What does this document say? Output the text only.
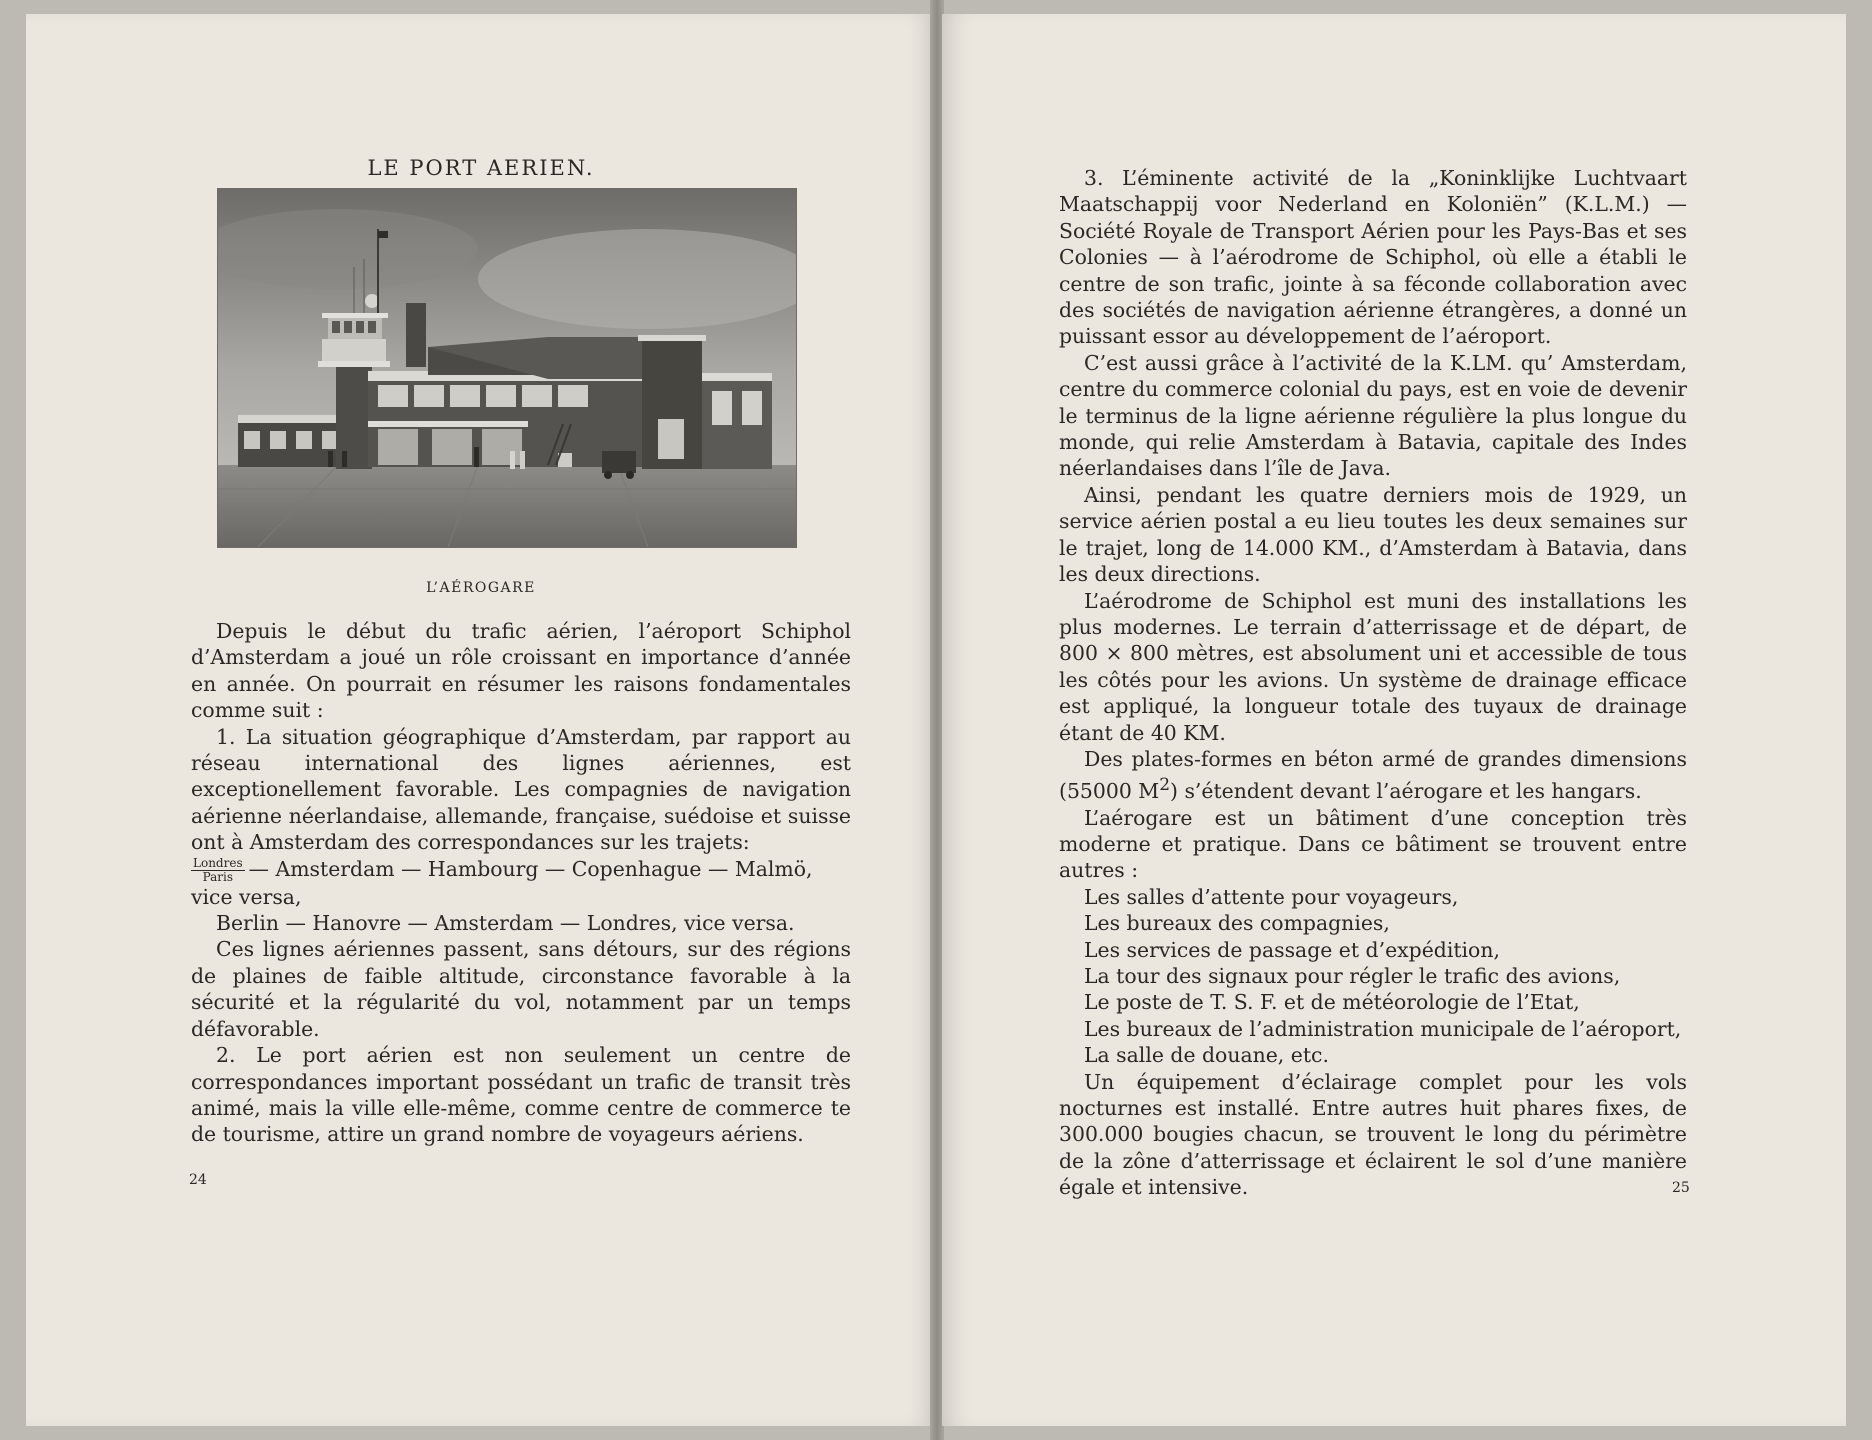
LE PORT AERIEN.
L’AÉROGARE

Depuis le début du trafic aérien, l’aéroport Schiphol d’Amsterdam a joué un rôle croissant en importance d’année en année. On pourrait en résumer les raisons fondamentales comme suit :

1. La situation géographique d’Amsterdam, par rapport au réseau international des lignes aériennes, est exceptionellement favorable. Les compagnies de navigation aérienne néerlandaise, allemande, française, suédoise et suisse ont à Amsterdam des correspondances sur les trajets:

$\frac{\text{Londres}}{\text{Paris}}$ — Amsterdam — Hambourg — Copenhague — Malmö,

vice versa,

Berlin — Hanovre — Amsterdam — Londres, vice versa.

Ces lignes aériennes passent, sans détours, sur des régions de plaines de faible altitude, circonstance favorable à la sécurité et la régularité du vol, notamment par un temps défavorable.

2. Le port aérien est non seulement un centre de correspondances important possédant un trafic de transit très animé, mais la ville elle-même, comme centre de commerce te de tourisme, attire un grand nombre de voyageurs aériens.

24

3. L’éminente activité de la „Koninklijke Luchtvaart Maatschappij voor Nederland en Koloniën” (K.L.M.) — Société Royale de Transport Aérien pour les Pays-Bas et ses Colonies — à l’aérodrome de Schiphol, où elle a établi le centre de son trafic, jointe à sa féconde collaboration avec des sociétés de navigation aérienne étrangères, a donné un puissant essor au développement de l’aéroport.

C’est aussi grâce à l’activité de la K.LM. qu’ Amsterdam, centre du commerce colonial du pays, est en voie de devenir le terminus de la ligne aérienne régulière la plus longue du monde, qui relie Amsterdam à Batavia, capitale des Indes néerlandaises dans l’île de Java.

Ainsi, pendant les quatre derniers mois de 1929, un service aérien postal a eu lieu toutes les deux semaines sur le trajet, long de 14.000 KM., d’Amsterdam à Batavia, dans les deux directions.

L’aérodrome de Schiphol est muni des installations les plus modernes. Le terrain d’atterrissage et de départ, de 800 × 800 mètres, est absolument uni et accessible de tous les côtés pour les avions. Un système de drainage efficace est appliqué, la longueur totale des tuyaux de drainage étant de 40 KM.

Des plates-formes en béton armé de grandes dimensions (55000 $M^2$) s’étendent devant l’aérogare et les hangars.

L’aérogare est un bâtiment d’une conception très moderne et pratique. Dans ce bâtiment se trouvent entre autres :

Les salles d’attente pour voyageurs,

Les bureaux des compagnies,

Les services de passage et d’expédition,

La tour des signaux pour régler le trafic des avions,

Le poste de T. S. F. et de météorologie de l’Etat,

Les bureaux de l’administration municipale de l’aéroport,

La salle de douane, etc.

Un équipement d’éclairage complet pour les vols nocturnes est installé. Entre autres huit phares fixes, de 300.000 bougies chacun, se trouvent le long du périmètre de la zône d’atterrissage et éclairent le sol d’une manière égale et intensive.	25
